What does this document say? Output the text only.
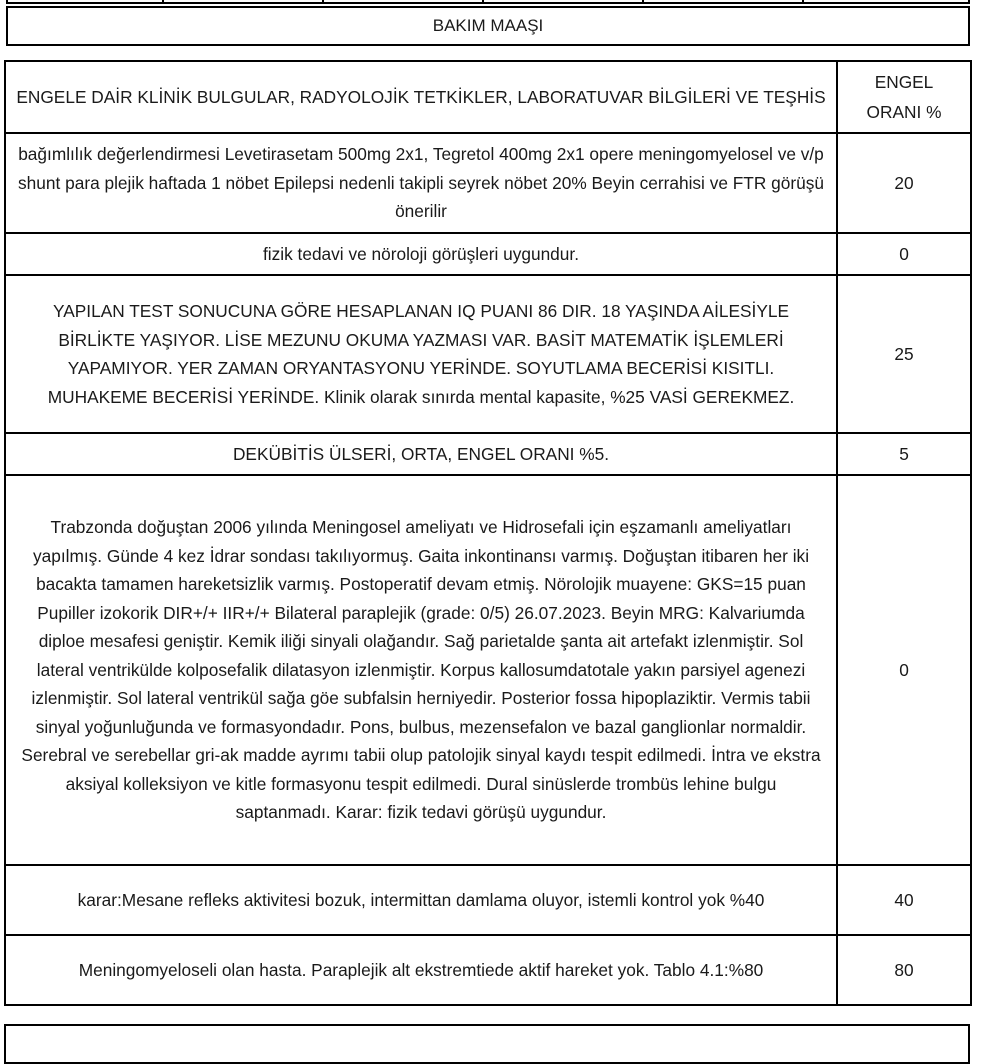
BAKIM MAAŞI
ENGELE DAİR KLİNİK BULGULAR, RADYOLOJİK TETKİKLER, LABORATUVAR BİLGİLERİ VE TEŞHİS	ENGEL ORANI %
bağımlılık değerlendirmesi Levetirasetam 500mg 2x1, Tegretol 400mg 2x1 opere meningomyelosel ve v/p shunt para plejik haftada 1 nöbet Epilepsi nedenli takipli seyrek nöbet 20% Beyin cerrahisi ve FTR görüşü önerilir	20
fizik tedavi ve nöroloji görüşleri uygundur.	0
YAPILAN TEST SONUCUNA GÖRE HESAPLANAN IQ PUANI 86 DIR. 18 YAŞINDA AİLESİYLE BİRLİKTE YAŞIYOR. LİSE MEZUNU OKUMA YAZMASI VAR. BASİT MATEMATİK İŞLEMLERİ YAPAMIYOR. YER ZAMAN ORYANTASYONU YERİNDE. SOYUTLAMA BECERİSİ KISITLI. MUHAKEME BECERİSİ YERİNDE. Klinik olarak sınırda mental kapasite, %25 VASİ GEREKMEZ.	25
DEKÜBİTİS ÜLSERİ, ORTA, ENGEL ORANI %5.	5
Trabzonda doğuştan 2006 yılında Meningosel ameliyatı ve Hidrosefali için eşzamanlı ameliyatları yapılmış. Günde 4 kez İdrar sondası takılıyormuş. Gaita inkontinansı varmış. Doğuştan itibaren her iki bacakta tamamen hareketsizlik varmış. Postoperatif devam etmiş. Nörolojik muayene: GKS=15 puan Pupiller izokorik DIR+/+ IIR+/+ Bilateral paraplejik (grade: 0/5) 26.07.2023. Beyin MRG: Kalvariumda diploe mesafesi geniştir. Kemik iliği sinyali olağandır. Sağ parietalde şanta ait artefakt izlenmiştir. Sol lateral ventrikülde kolposefalik dilatasyon izlenmiştir. Korpus kallosumdatotale yakın parsiyel agenezi izlenmiştir. Sol lateral ventrikül sağa göe subfalsin herniyedir. Posterior fossa hipoplaziktir. Vermis tabii sinyal yoğunluğunda ve formasyondadır. Pons, bulbus, mezensefalon ve bazal ganglionlar normaldir. Serebral ve serebellar gri-ak madde ayrımı tabii olup patolojik sinyal kaydı tespit edilmedi. İntra ve ekstra aksiyal kolleksiyon ve kitle formasyonu tespit edilmedi. Dural sinüslerde trombüs lehine bulgu saptanmadı. Karar: fizik tedavi görüşü uygundur.	0
karar:Mesane refleks aktivitesi bozuk, intermittan damlama oluyor, istemli kontrol yok %40	40
Meningomyeloseli olan hasta. Paraplejik alt ekstremtiede aktif hareket yok. Tablo 4.1:%80	80
